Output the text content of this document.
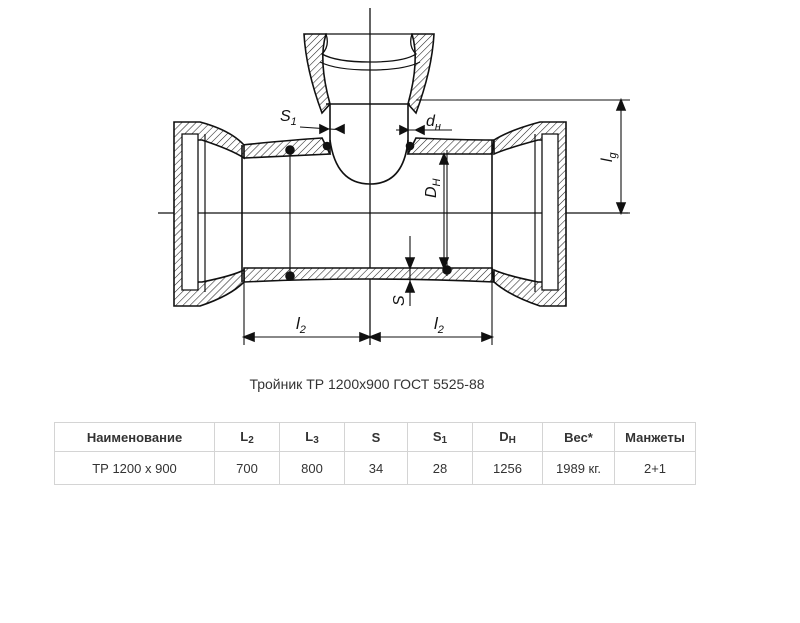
$S_1$	$d_н$
$l_g$
$D_H$
S
$l_2$	$l_2$
Тройник ТР 1200х900 ГОСТ 5525-88
Наименование	$L_2$	$L_3$	S	$S_1$	$D_H$	Вес*	Манжеты
ТР 1200 х 900	700	800	34	28	1256	1989 кг.	2+1
